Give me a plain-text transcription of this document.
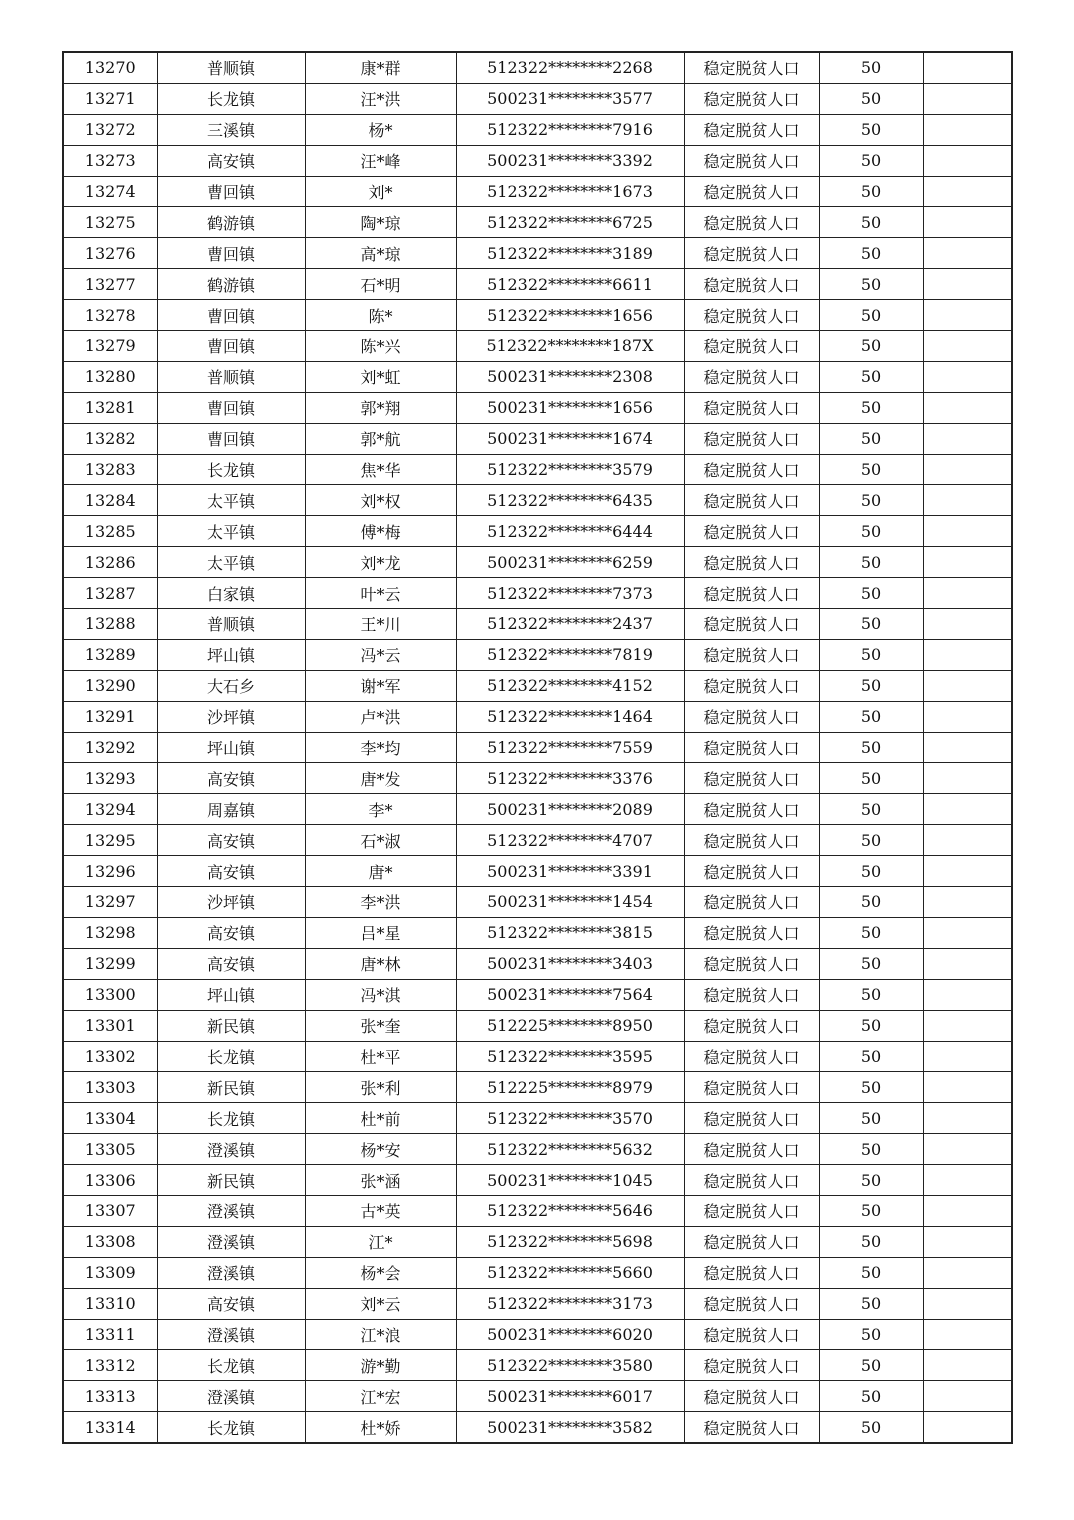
13270	普顺镇	康*群	512322********2268	稳定脱贫人口	50	
13271	长龙镇	汪*洪	500231********3577	稳定脱贫人口	50	
13272	三溪镇	杨*	512322********7916	稳定脱贫人口	50	
13273	高安镇	汪*峰	500231********3392	稳定脱贫人口	50	
13274	曹回镇	刘*	512322********1673	稳定脱贫人口	50	
13275	鹤游镇	陶*琼	512322********6725	稳定脱贫人口	50	
13276	曹回镇	高*琼	512322********3189	稳定脱贫人口	50	
13277	鹤游镇	石*明	512322********6611	稳定脱贫人口	50	
13278	曹回镇	陈*	512322********1656	稳定脱贫人口	50	
13279	曹回镇	陈*兴	512322********187X	稳定脱贫人口	50	
13280	普顺镇	刘*虹	500231********2308	稳定脱贫人口	50	
13281	曹回镇	郭*翔	500231********1656	稳定脱贫人口	50	
13282	曹回镇	郭*航	500231********1674	稳定脱贫人口	50	
13283	长龙镇	焦*华	512322********3579	稳定脱贫人口	50	
13284	太平镇	刘*权	512322********6435	稳定脱贫人口	50	
13285	太平镇	傅*梅	512322********6444	稳定脱贫人口	50	
13286	太平镇	刘*龙	500231********6259	稳定脱贫人口	50	
13287	白家镇	叶*云	512322********7373	稳定脱贫人口	50	
13288	普顺镇	王*川	512322********2437	稳定脱贫人口	50	
13289	坪山镇	冯*云	512322********7819	稳定脱贫人口	50	
13290	大石乡	谢*军	512322********4152	稳定脱贫人口	50	
13291	沙坪镇	卢*洪	512322********1464	稳定脱贫人口	50	
13292	坪山镇	李*均	512322********7559	稳定脱贫人口	50	
13293	高安镇	唐*发	512322********3376	稳定脱贫人口	50	
13294	周嘉镇	李*	500231********2089	稳定脱贫人口	50	
13295	高安镇	石*淑	512322********4707	稳定脱贫人口	50	
13296	高安镇	唐*	500231********3391	稳定脱贫人口	50	
13297	沙坪镇	李*洪	500231********1454	稳定脱贫人口	50	
13298	高安镇	吕*星	512322********3815	稳定脱贫人口	50	
13299	高安镇	唐*林	500231********3403	稳定脱贫人口	50	
13300	坪山镇	冯*淇	500231********7564	稳定脱贫人口	50	
13301	新民镇	张*奎	512225********8950	稳定脱贫人口	50	
13302	长龙镇	杜*平	512322********3595	稳定脱贫人口	50	
13303	新民镇	张*利	512225********8979	稳定脱贫人口	50	
13304	长龙镇	杜*前	512322********3570	稳定脱贫人口	50	
13305	澄溪镇	杨*安	512322********5632	稳定脱贫人口	50	
13306	新民镇	张*涵	500231********1045	稳定脱贫人口	50	
13307	澄溪镇	古*英	512322********5646	稳定脱贫人口	50	
13308	澄溪镇	江*	512322********5698	稳定脱贫人口	50	
13309	澄溪镇	杨*会	512322********5660	稳定脱贫人口	50	
13310	高安镇	刘*云	512322********3173	稳定脱贫人口	50	
13311	澄溪镇	江*浪	500231********6020	稳定脱贫人口	50	
13312	长龙镇	游*勤	512322********3580	稳定脱贫人口	50	
13313	澄溪镇	江*宏	500231********6017	稳定脱贫人口	50	
13314	长龙镇	杜*娇	500231********3582	稳定脱贫人口	50	
